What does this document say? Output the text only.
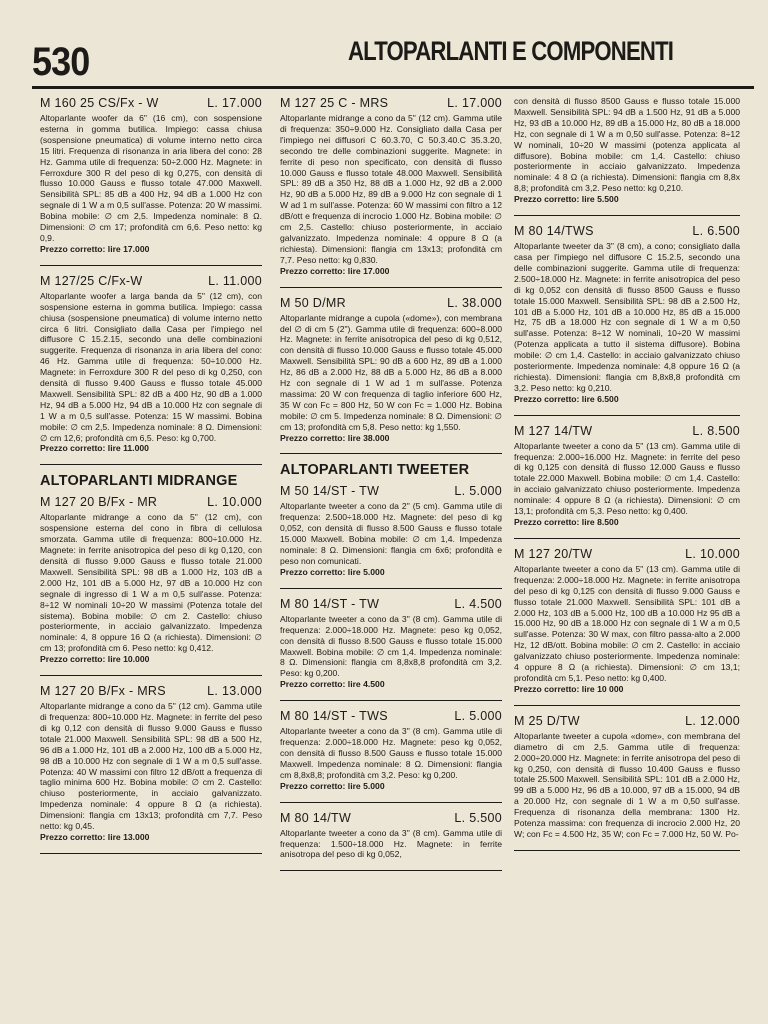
530	ALTOPARLANTI E COMPONENTI
M 160 25 CS/Fx - W	L. 17.000
Altoparlante woofer da 6" (16 cm), con sospensione esterna in gomma butilica. Impiego: cassa chiusa (sospensione pneumatica) di volume interno netto circa 15 litri. Frequenza di risonanza in aria libera del cono: 28 Hz. Gamma utile di frequenza: 50÷2.000 Hz. Magnete: in Ferroxdure 300 R del peso di kg 0,275, con densità di flusso 10.000 Gauss e flusso totale 47.000 Maxwell. Sensibilità SPL: 85 dB a 400 Hz, 94 dB a 1.000 Hz con segnale di 1 W a m 0,5 sull'asse. Potenza: 20 W massimi. Bobina mobile: ∅ cm 2,5. Impedenza nominale: 8 Ω. Dimensioni: ∅ cm 17; profondità cm 6,6. Peso netto: kg 0,9.
Prezzo corretto: lire 17.000
M 127/25 C/Fx-W	L. 11.000
Altoparlante woofer a larga banda da 5" (12 cm), con sospensione esterna in gomma butilica. Impiego: cassa chiusa (sospensione pneumatica) di volume interno netto circa 6 litri. Consigliato dalla Casa per l'impiego nel diffusore C 15.2.15, secondo una delle combinazioni suggerite. Frequenza di risonanza in aria libera del cono: 46 Hz. Gamma utile di frequenza: 50÷10.000 Hz. Magnete: in Ferroxdure 300 R del peso di kg 0,250, con densità di flusso 9.400 Gauss e flusso totale 45.000 Maxwell. Sensibilità SPL: 82 dB a 400 Hz, 90 dB a 1.000 Hz, 94 dB a 5.000 Hz, 94 dB a 10.000 Hz con segnale di 1 W a m 0,5 sull'asse. Potenza: 15 W massimi. Bobina mobile: ∅ cm 2,5. Impedenza nominale: 8 Ω. Dimensioni: ∅ cm 12,6; profondità cm 6,5. Peso: kg 0,700.
Prezzo corretto: lire 11.000
ALTOPARLANTI MIDRANGE
M 127 20 B/Fx - MR	L. 10.000
Altoparlante midrange a cono da 5" (12 cm), con sospensione esterna del cono in fibra di cellulosa smorzata. Gamma utile di frequenza: 800÷10.000 Hz. Magnete: in ferrite anisotropica del peso di kg 0,120, con densità di flusso 9.000 Gauss e flusso totale 21.000 Maxwell. Sensibilità SPL: 98 dB a 1.000 Hz, 103 dB a 2.000 Hz, 101 dB a 5.000 Hz, 97 dB a 10.000 Hz con segnale di ingresso di 1 W a m 0,5 sull'asse. Potenza: 8÷12 W nominali 10÷20 W massimi (Potenza totale del sistema). Bobina mobile: ∅ cm 2. Castello: chiuso posteriormente, in acciaio galvanizzato. Impedenza nominale: 4, 8 oppure 16 Ω (a richiesta). Dimensioni: ∅ cm 13; profondità cm 6. Peso netto: kg 0,412.
Prezzo corretto: lire 10.000
M 127 20 B/Fx - MRS	L. 13.000
Altoparlante midrange a cono da 5" (12 cm). Gamma utile di frequenza: 800÷10.000 Hz. Magnete: in ferrite del peso di kg 0,12 con densità di flusso 9.000 Gauss e flusso totale 21.000 Maxwell. Sensibilità SPL: 98 dB a 500 Hz, 96 dB a 1.000 Hz, 101 dB a 2.000 Hz, 100 dB a 5.000 Hz, 98 dB a 10.000 Hz con segnale di 1 W a m 0,5 sull'asse. Potenza: 40 W massimi con filtro 12 dB/ott a frequenza di taglio minima 600 Hz. Bobina mobile: ∅ cm 2. Castello: chiuso posteriormente, in acciaio galvanizzato. Impedenza nominale: 4 oppure 8 Ω (a richiesta). Dimensioni: flangia cm 13x13; profondità cm 7,7. Peso netto: kg 0,45.
Prezzo corretto: lire 13.000
M 127 25 C - MRS	L. 17.000
Altoparlante midrange a cono da 5" (12 cm). Gamma utile di frequenza: 350÷9.000 Hz. Consigliato dalla Casa per l'impiego nei diffusori C 60.3.70, C 50.3.40.C 35.3.20, secondo tre delle combinazioni suggerite. Magnete: in ferrite di peso non specificato, con densità di flusso 10.000 Gauss e flusso totale 48.000 Maxwell. Sensibilità SPL: 89 dB a 350 Hz, 88 dB a 1.000 Hz, 92 dB a 2.000 Hz, 90 dB a 5.000 Hz, 89 dB a 9.000 Hz con segnale di 1 W ad 1 m sull'asse. Potenza: 60 W massimi con filtro a 12 dB/ott e frequenza di incrocio 1.000 Hz. Bobina mobile: ∅ cm 2,5. Castello: chiuso posteriormente, in acciaio galvanizzato. Impedenza nominale: 4 oppure 8 Ω (a richiesta). Dimensioni: flangia cm 13x13; profondità cm 7,7. Peso netto: kg 0,830.
Prezzo corretto: lire 17.000
M 50 D/MR	L. 38.000
Altoparlante midrange a cupola («dome»), con membrana del ∅ di cm 5 (2"). Gamma utile di frequenza: 600÷8.000 Hz. Magnete: in ferrite anisotropica del peso di kg 0,512, con densità di flusso 10.000 Gauss e flusso totale 45.000 Maxwell. Sensibilità SPL: 90 dB a 600 Hz, 89 dB a 1.000 Hz, 86 dB a 2.000 Hz, 88 dB a 5.000 Hz, 86 dB a 8.000 Hz con segnale di 1 W ad 1 m sull'asse. Potenza massima: 20 W con frequenza di taglio inferiore 600 Hz, 35 W con Fc = 800 Hz, 50 W con Fc = 1.000 Hz. Bobina mobile: ∅ cm 5. Impedenza nominale: 8 Ω. Dimensioni: ∅ cm 13; profondità cm 5,8. Peso netto: kg 1,550.
Prezzo corretto: lire 38.000
ALTOPARLANTI TWEETER
M 50 14/ST - TW	L. 5.000
Altoparlante tweeter a cono da 2" (5 cm). Gamma utile di frequenza: 2.500÷18.000 Hz. Magnete: del peso di kg 0,052, con densità di flusso 8.500 Gauss e flusso totale 15.000 Maxwell. Bobina mobile: ∅ cm 1,4. Impedenza nominale: 8 Ω. Dimensioni: flangia cm 6x6; profondità e peso non comunicati.
Prezzo corretto: lire 5.000
M 80 14/ST - TW	L. 4.500
Altoparlante tweeter a cono da 3" (8 cm). Gamma utile di frequenza: 2.000÷18.000 Hz. Magnete: peso kg 0,052, con densità di flusso 8.500 Gauss e flusso totale 15.000 Maxwell. Bobina mobile: ∅ cm 1,4. Impedenza nominale: 8 Ω. Dimensioni: flangia cm 8,8x8,8 profondità cm 3,2. Peso: kg 0,200.
Prezzo corretto: lire 4.500
M 80 14/ST - TWS	L. 5.000
Altoparlante tweeter a cono da 3" (8 cm). Gamma utile di frequenza: 2.000÷18.000 Hz. Magnete: peso kg 0,052, con densità di flusso 8.500 Gauss e flusso totale 15.000 Maxwell. Impedenza nominale: 8 Ω. Dimensioni: flangia cm 8,8x8,8; profondità cm 3,2. Peso: kg 0,200.
Prezzo corretto: lire 5.000
M 80 14/TW	L. 5.500
Altoparlante tweeter a cono da 3" (8 cm). Gamma utile di frequenza: 1.500÷18.000 Hz. Magnete: in ferrite anisotropa del peso di kg 0,052,
con densità di flusso 8500 Gauss e flusso totale 15.000 Maxwell. Sensibilità SPL: 94 dB a 1.500 Hz, 91 dB a 5.000 Hz, 93 dB a 10.000 Hz, 89 dB a 15.000 Hz, 80 dB a 18.000 Hz, con segnale di 1 W a m 0,50 sull'asse. Potenza: 8÷12 W nominali, 10÷20 W massimi (potenza applicata al diffusore). Bobina mobile: cm 1,4. Castello: chiuso posteriormente in acciaio galvanizzato. Impedenza nominale: 4 8 Ω (a richiesta). Dimensioni: flangia cm 8,8x 8,8; profondità cm 3,2. Peso netto: kg 0,210.
Prezzo corretto: lire 5.500
M 80 14/TWS	L. 6.500
Altoparlante tweeter da 3" (8 cm), a cono; consigliato dalla casa per l'impiego nel diffusore C 15.2.5, secondo una delle combinazioni suggerite. Gamma utile di frequenza: 2.500÷18.000 Hz. Magnete: in ferrite anisotropica del peso di kg 0,052 con densità di flusso 8500 Gauss e flusso totale 15.000 Maxwell. Sensibilità SPL: 98 dB a 2.500 Hz, 101 dB a 5.000 Hz, 101 dB a 10.000 Hz, 85 dB a 15.000 Hz, 75 dB a 18.000 Hz con segnale di 1 W a m 0,50 sull'asse. Potenza: 8÷12 W nominali, 10÷20 W massimi (Potenza applicata a tutto il sistema diffusore). Bobina mobile: ∅ cm 1,4. Castello: in acciaio galvanizzato chiuso posteriormente. Impedenza nominale: 4,8 oppure 16 Ω (a richiesta). Dimensioni: flangia cm 8,8x8,8 profondità cm 3,2. Peso netto: kg 0,210.
Prezzo corretto: lire 6.500
M 127 14/TW	L. 8.500
Altoparlante tweeter a cono da 5" (13 cm). Gamma utile di frequenza: 2.000÷16.000 Hz. Magnete: in ferrite del peso di kg 0,125 con densità di flusso 12.000 Gauss e flusso totale 22.000 Maxwell. Bobina mobile: ∅ cm 1,4. Castello: in acciaio galvanizzato chiuso posteriormente. Impedenza nominale: 4 oppure 8 Ω (a richiesta). Dimensioni: ∅ cm 13,1; profondità cm 5,3. Peso netto: kg 0,400.
Prezzo corretto: lire 8.500
M 127 20/TW	L. 10.000
Altoparlante tweeter a cono da 5" (13 cm). Gamma utile di frequenza: 2.000÷18.000 Hz. Magnete: in ferrite anisotropa del peso di kg 0,125 con densità di flusso 9.000 Gauss e flusso totale 21.000 Maxwell. Sensibilità SPL: 101 dB a 2.000 Hz, 103 dB a 5.000 Hz, 100 dB a 10.000 Hz 95 dB a 15.000 Hz, 90 dB a 18.000 Hz con segnale di 1 W a m 0,5 sull'asse. Potenza: 30 W max, con filtro passa-alto a 2.000 Hz, 12 dB/ott. Bobina mobile: ∅ cm 2. Castello: in acciaio galvanizzato chiuso posteriormente. Impedenza nominale: 4 oppure 8 Ω (a richiesta). Dimensioni: ∅ cm 13,1; profondità cm 5,1. Peso netto: kg 0,400.
Prezzo corretto: lire 10 000
M 25 D/TW	L. 12.000
Altoparlante tweeter a cupola «dome», con membrana del diametro di cm 2,5. Gamma utile di frequenza: 2.000÷20.000 Hz. Magnete: in ferrite anisotropa del peso di kg 0,250, con densità di flusso 10.400 Gauss e flusso totale 25.500 Maxwell. Sensibilità SPL: 101 dB a 2.000 Hz, 99 dB a 5.000 Hz, 96 dB a 10.000, 97 dB a 15.000, 94 dB a 20.000 Hz, con segnale di 1 W a m 0,50 sull'asse. Frequenza di risonanza della membrana: 1300 Hz. Potenza massima: con frequenza di incrocio 2.000 Hz, 20 W; con Fc = 4.500 Hz, 35 W; con Fc = 7.000 Hz, 50 W. Po-
